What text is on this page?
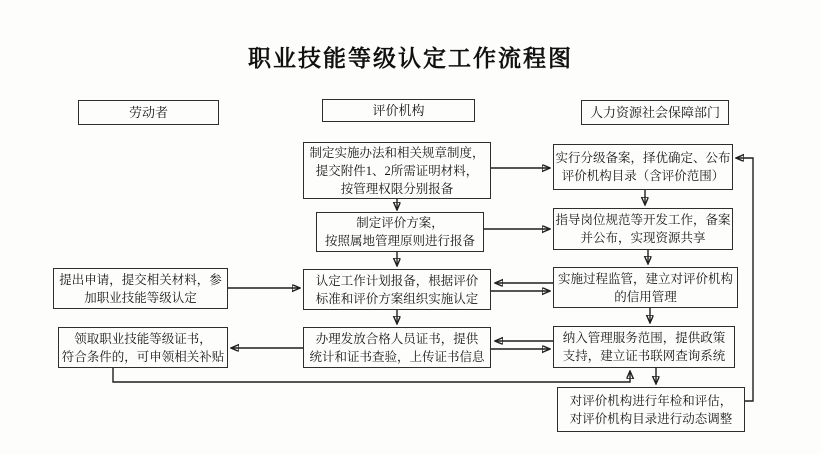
职业技能等级认定工作流程图
劳动者	评价机构	人力资源社会保障部门
制定实施办法和相关规章制度，
提交附件1、2所需证明材料，
按管理权限分别报备
制定评价方案，
按照属地管理原则进行报备
认定工作计划报备，根据评价
标准和评价方案组织实施认定
办理发放合格人员证书，提供
统计和证书查验，上传证书信息
实行分级备案，择优确定、公布
评价机构目录（含评价范围）
指导岗位规范等开发工作，备案
并公布，实现资源共享
实施过程监管，建立对评价机构
的信用管理
纳入管理服务范围，提供政策
支持，建立证书联网查询系统
对评价机构进行年检和评估，
对评价机构目录进行动态调整
提出申请，提交相关材料，参
加职业技能等级认定
领取职业技能等级证书，
符合条件的，可申领相关补贴
